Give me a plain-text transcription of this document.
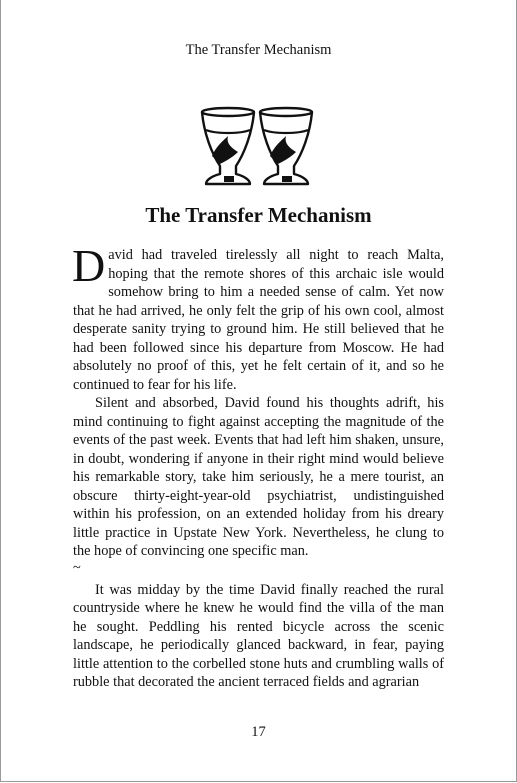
The Transfer Mechanism
The Transfer Mechanism

David had traveled tirelessly all night to reach Malta, hoping that the remote shores of this archaic isle would somehow bring to him a needed sense of calm. Yet now that he had arrived, he only felt the grip of his own cool, almost desperate sanity trying to ground him. He still believed that he had been followed since his departure from Moscow. He had absolutely no proof of this, yet he felt certain of it, and so he continued to fear for his life.

Silent and absorbed, David found his thoughts adrift, his mind continuing to fight against accepting the magnitude of the events of the past week. Events that had left him shaken, unsure, in doubt, wondering if anyone in their right mind would believe his remarkable story, take him seriously, he a mere tourist, an obscure thirty-eight-year-old psychiatrist, undistinguished within his profession, on an extended holiday from his dreary little practice in Upstate New York. Nevertheless, he clung to the hope of convincing one specific man.

~

It was midday by the time David finally reached the rural countryside where he knew he would find the villa of the man he sought. Peddling his rented bicycle across the scenic landscape, he periodically glanced backward, in fear, paying little attention to the corbelled stone huts and crumbling walls of rubble that decorated the ancient terraced fields and agrarian

17
